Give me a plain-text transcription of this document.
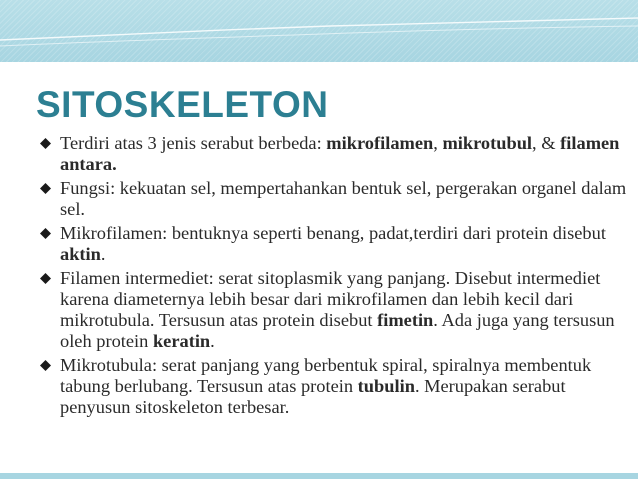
SITOSKELETON
Terdiri atas 3 jenis serabut berbeda: mikrofilamen, mikrotubul, & filamen antara.
Fungsi: kekuatan sel, mempertahankan bentuk sel, pergerakan organel dalam sel.
Mikrofilamen: bentuknya seperti benang, padat,terdiri dari protein disebut aktin.
Filamen intermediet: serat sitoplasmik yang panjang. Disebut intermediet karena diameternya lebih besar dari mikrofilamen dan lebih kecil dari mikrotubula. Tersusun atas protein disebut fimetin. Ada juga yang tersusun oleh protein keratin.
Mikrotubula: serat panjang yang berbentuk spiral, spiralnya membentuk tabung berlubang. Tersusun atas protein tubulin. Merupakan serabut penyusun sitoskeleton terbesar.
